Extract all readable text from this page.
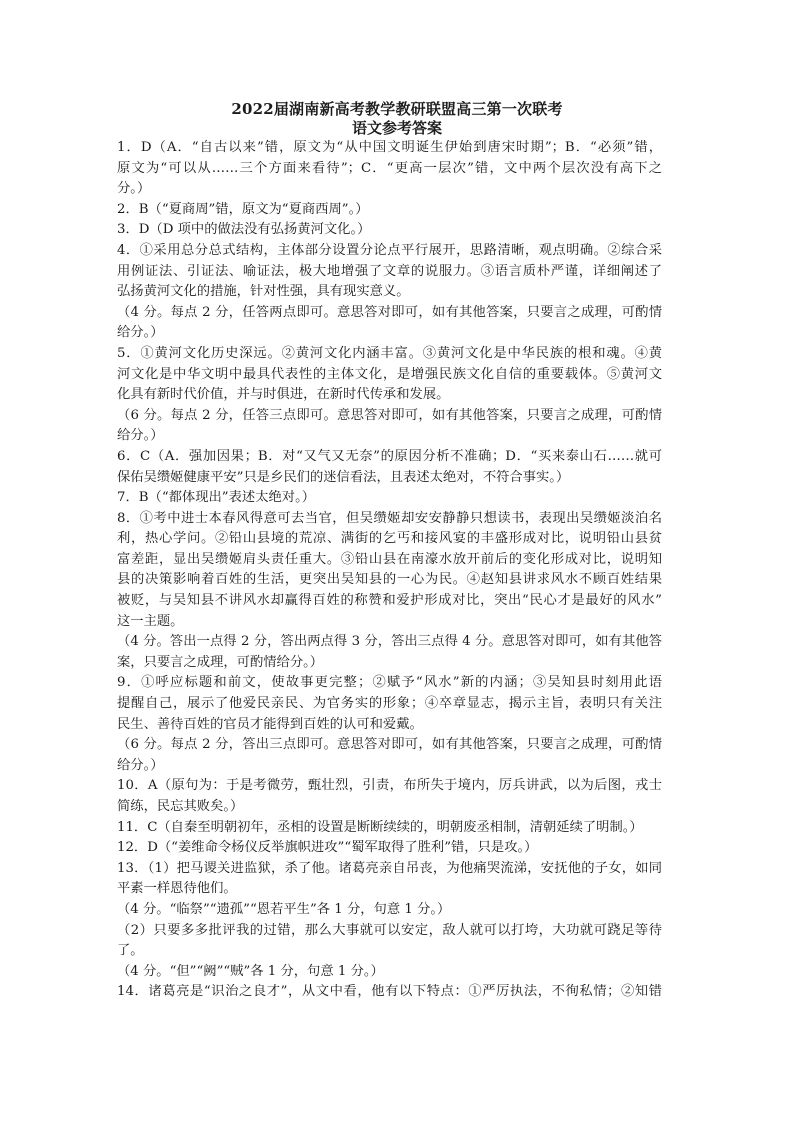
2022届湖南新高考教学教研联盟高三第一次联考
语文参考答案
1．D（A．“自古以来”错，原文为“从中国文明诞生伊始到唐宋时期”；B．“必须”错，
原文为“可以从……三个方面来看待”；C．“更高一层次”错，文中两个层次没有高下之
分。）
2．B（“夏商周”错，原文为“夏商西周”。）
3．D（D 项中的做法没有弘扬黄河文化。）
4．①采用总分总式结构，主体部分设置分论点平行展开，思路清晰，观点明确。②综合采
用例证法、引证法、喻证法，极大地增强了文章的说服力。③语言质朴严谨，详细阐述了
弘扬黄河文化的措施，针对性强，具有现实意义。
（4 分。每点 2 分，任答两点即可。意思答对即可，如有其他答案，只要言之成理，可酌情
给分。）
5．①黄河文化历史深远。②黄河文化内涵丰富。③黄河文化是中华民族的根和魂。④黄
河文化是中华文明中最具代表性的主体文化，是增强民族文化自信的重要载体。⑤黄河文
化具有新时代价值，并与时俱进，在新时代传承和发展。
（6 分。每点 2 分，任答三点即可。意思答对即可，如有其他答案，只要言之成理，可酌情
给分。）
6．C（A．强加因果；B．对“又气又无奈”的原因分析不准确；D．“买来泰山石……就可
保佑吴缵姬健康平安”只是乡民们的迷信看法，且表述太绝对，不符合事实。）
7．B（“都体现出”表述太绝对。）
8．①考中进士本春风得意可去当官，但吴缵姬却安安静静只想读书，表现出吴缵姬淡泊名
利，热心学问。②铅山县境的荒凉、满街的乞丐和接风宴的丰盛形成对比，说明铅山县贫
富差距，显出吴缵姬肩头责任重大。③铅山县在南濠水放开前后的变化形成对比，说明知
县的决策影响着百姓的生活，更突出吴知县的一心为民。④赵知县讲求风水不顾百姓结果
被贬，与吴知县不讲风水却赢得百姓的称赞和爱护形成对比，突出“民心才是最好的风水”
这一主题。
（4 分。答出一点得 2 分，答出两点得 3 分，答出三点得 4 分。意思答对即可，如有其他答
案，只要言之成理，可酌情给分。）
9．①呼应标题和前文，使故事更完整；②赋予“风水”新的内涵；③吴知县时刻用此语
提醒自己，展示了他爱民亲民、为官务实的形象；④卒章显志，揭示主旨，表明只有关注
民生、善待百姓的官员才能得到百姓的认可和爱戴。
（6 分。每点 2 分，答出三点即可。意思答对即可，如有其他答案，只要言之成理，可酌情
给分。）
10．A（原句为：于是考微劳，甄壮烈，引责，布所失于境内，厉兵讲武，以为后图，戎士
简练，民忘其败矣。）
11．C（自秦至明朝初年，丞相的设置是断断续续的，明朝废丞相制，清朝延续了明制。）
12．D（“姜维命令杨仪反举旗帜进攻”“蜀军取得了胜利”错，只是攻。）
13．（1）把马谡关进监狱，杀了他。诸葛亮亲自吊丧，为他痛哭流涕，安抚他的子女，如同
平素一样恩待他们。
（4 分。“临祭”“遗孤”“恩若平生”各 1 分，句意 1 分。）
（2）只要多多批评我的过错，那么大事就可以安定，敌人就可以打垮，大功就可跷足等待
了。
（4 分。“但”“阙”“贼”各 1 分，句意 1 分。）
14．诸葛亮是“识治之良才”，从文中看，他有以下特点：①严厉执法，不徇私情；②知错
